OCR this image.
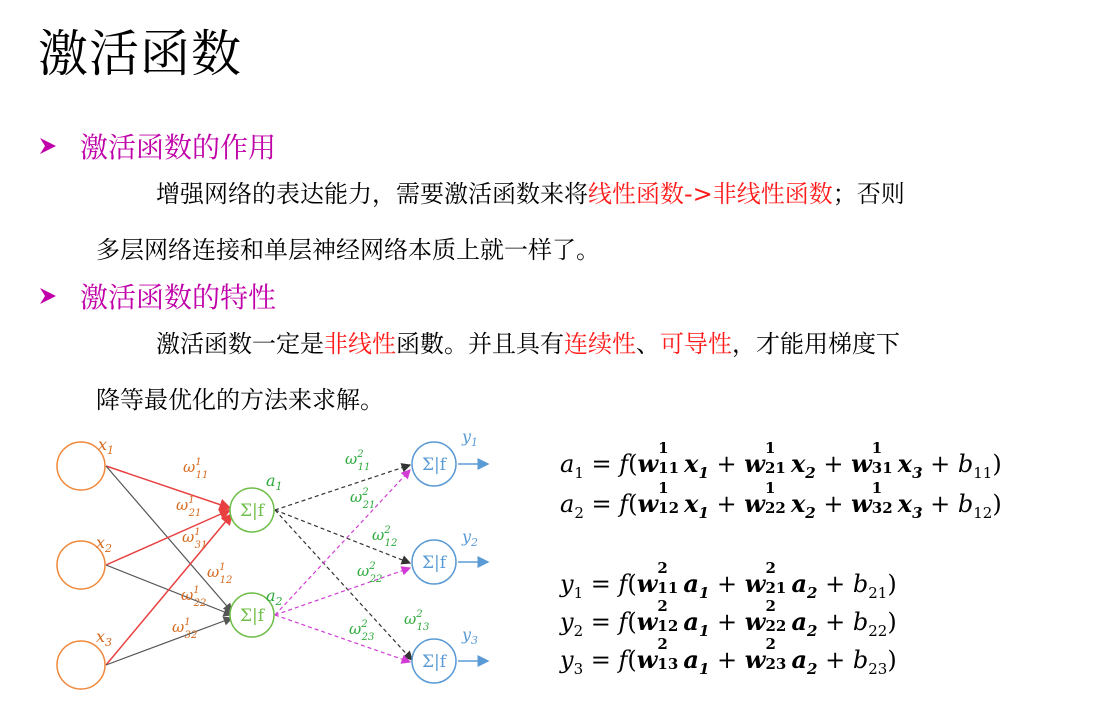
激活函数
激活函数的作用

增强网络的表达能力，需要激活函数来将线性函数->非线性函数；否则
多层网络连接和单层神经网络本质上就一样了。

激活函数的特性

激活函数一定是非线性函數。并且具有连续性、可导性，才能用梯度下
降等最优化的方法来求解。

Σ|f
Σ|f
Σ|f
Σ|f
Σ|f
$x_1$
$x_2$
$x_3$
$a_1$
$a_2$
$y_1$
$y_2$
$y_3$
$\omega^1$ 11
$\omega^1$ 21
$\omega^1$ 31
$\omega^1$ 12
$\omega^1$ 22
$\omega^1$ 32
$\omega^2$ 11
$\omega^2$ 21
$\omega^2$ 12
$\omega^2$ 22
$\omega^2$ 13
$\omega^2$ 23
$a_1 = f(w$
1
11 $x_1 + w$
1
21 $x_2 + w$
1
31 $x_3 + b_{11}$)
$a_2 = f(w$
1
12 $x_1 + w$
1
22 $x_2 + w$
1
32 $x_3 + b_{12}$)
$y_1 = f(w$
2
11 $a_1 + w$
2
21 $a_2 + b_{21}$)
$y_2 = f(w$
2
12 $a_1 + w$
2
22 $a_2 + b_{22}$)
$y_3 = f(w$
2
13 $a_1 + w$
2
23 $a_2 + b_{23}$)
